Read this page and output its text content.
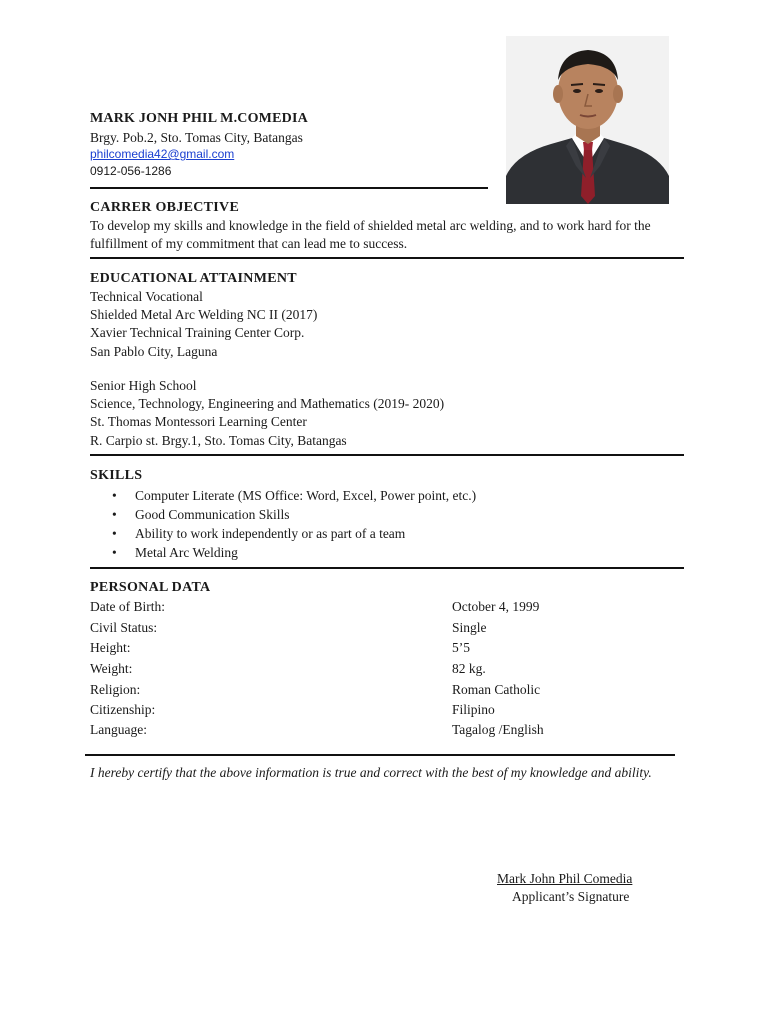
MARK JONH PHIL M.COMEDIA
Brgy. Pob.2, Sto. Tomas City, Batangas
philcomedia42@gmail.com
0912-056-1286
CARRER OBJECTIVE
To develop my skills and knowledge in the field of shielded metal arc welding, and to work hard for the fulfillment of my commitment that can lead me to success.
EDUCATIONAL ATTAINMENT
Technical Vocational
Shielded Metal Arc Welding NC II (2017)
Xavier Technical Training Center Corp.
San Pablo City, Laguna
Senior High School
Science, Technology, Engineering and Mathematics (2019- 2020)
St. Thomas Montessori Learning Center
R. Carpio st. Brgy.1, Sto. Tomas City, Batangas
SKILLS
• Computer Literate (MS Office: Word, Excel, Power point, etc.)
• Good Communication Skills
• Ability to work independently or as part of a team
• Metal Arc Welding
PERSONAL DATA
Date of Birth:	October 4, 1999
Civil Status:	Single
Height:	5’5
Weight:	82 kg.
Religion:	Roman Catholic
Citizenship:	Filipino
Language:	Tagalog /English
I hereby certify that the above information is true and correct with the best of my knowledge and ability.
Mark John Phil Comedia
Applicant’s Signature
